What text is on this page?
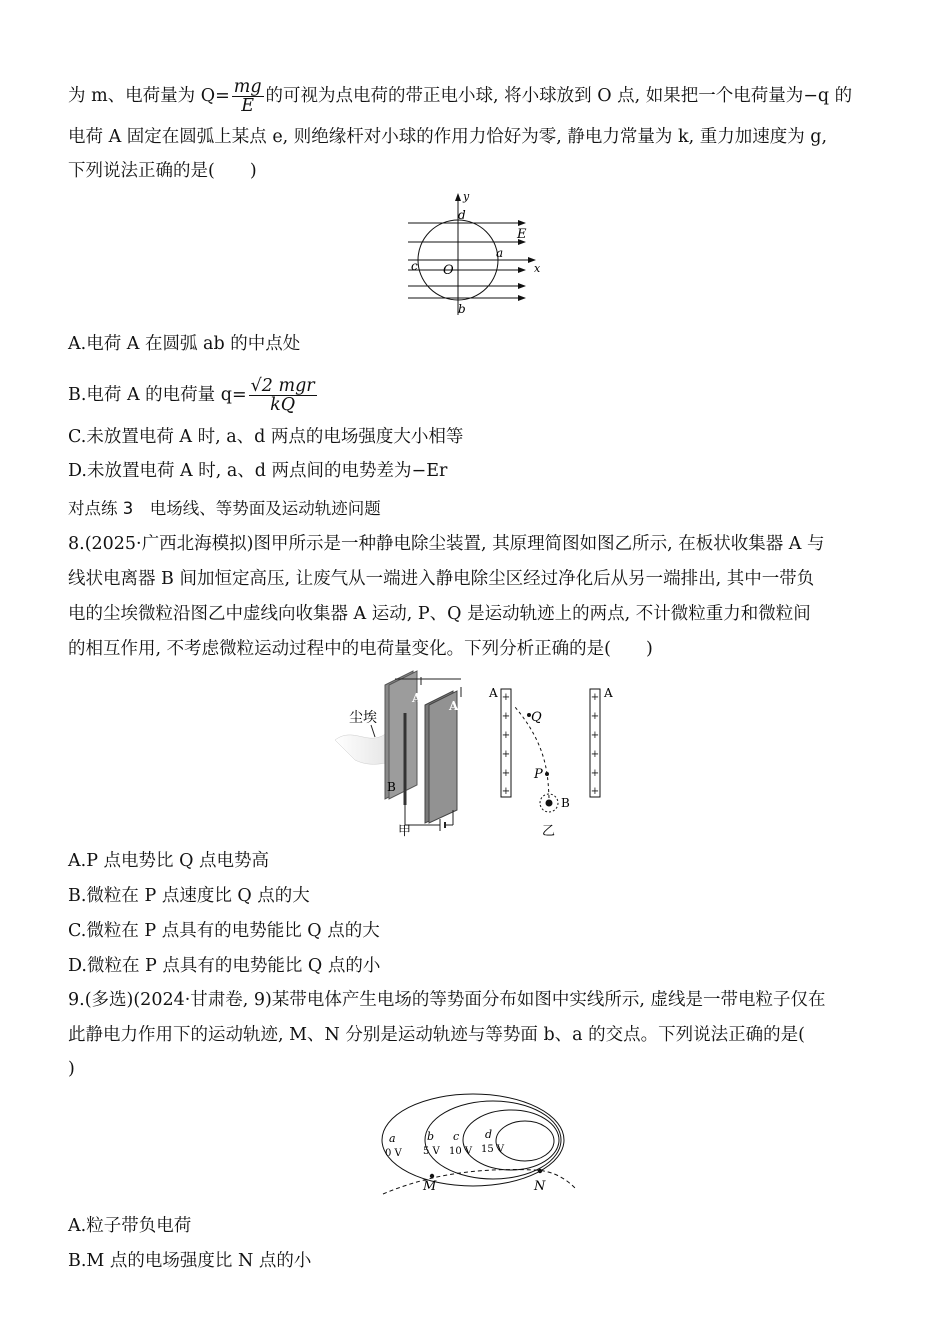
为 m、电荷量为 $Q= \frac{mg}{E}$ 的可视为点电荷的带正电小球, 将小球放到 O 点, 如果把一个电荷量为−q 的
电荷 A 固定在圆弧上某点 e, 则绝缘杆对小球的作用力恰好为零, 静电力常量为 k, 重力加速度为 g,
下列说法正确的是(　　)
y
d
E
c O
a
x
b
A.电荷 A 在圆弧 ab 的中点处
B.电荷 A 的电荷量 $q= \frac{\text{√2 mgr}}{kQ}$
C.未放置电荷 A 时, a、d 两点的电场强度大小相等
D.未放置电荷 A 时, a、d 两点间的电势差为−Er
对点练 3　电场线、等势面及运动轨迹问题
8.(2025·广西北海模拟)图甲所示是一种静电除尘装置, 其原理简图如图乙所示, 在板状收集器 A 与
线状电离器 B 间加恒定高压, 让废气从一端进入静电除尘区经过净化后从另一端排出, 其中一带负
电的尘埃微粒沿图乙中虚线向收集器 A 运动, P、Q 是运动轨迹上的两点, 不计微粒重力和微粒间
的相互作用, 不考虑微粒运动过程中的电荷量变化。下列分析正确的是(　　)
尘埃
A
A
B
甲
+
+
+
+
+
+
+
+
+
+
+
+
A	A
Q
P
B
乙
A.P 点电势比 Q 点电势高
B.微粒在 P 点速度比 Q 点的大
C.微粒在 P 点具有的电势能比 Q 点的大
D.微粒在 P 点具有的电势能比 Q 点的小
9.(多选)(2024·甘肃卷, 9)某带电体产生电场的等势面分布如图中实线所示, 虚线是一带电粒子仅在
此静电力作用下的运动轨迹, M、N 分别是运动轨迹与等势面 b、a 的交点。下列说法正确的是(
)
a
0 V
b
5 V
c
10 V
d
15 V
M	N
A.粒子带负电荷
B.M 点的电场强度比 N 点的小
